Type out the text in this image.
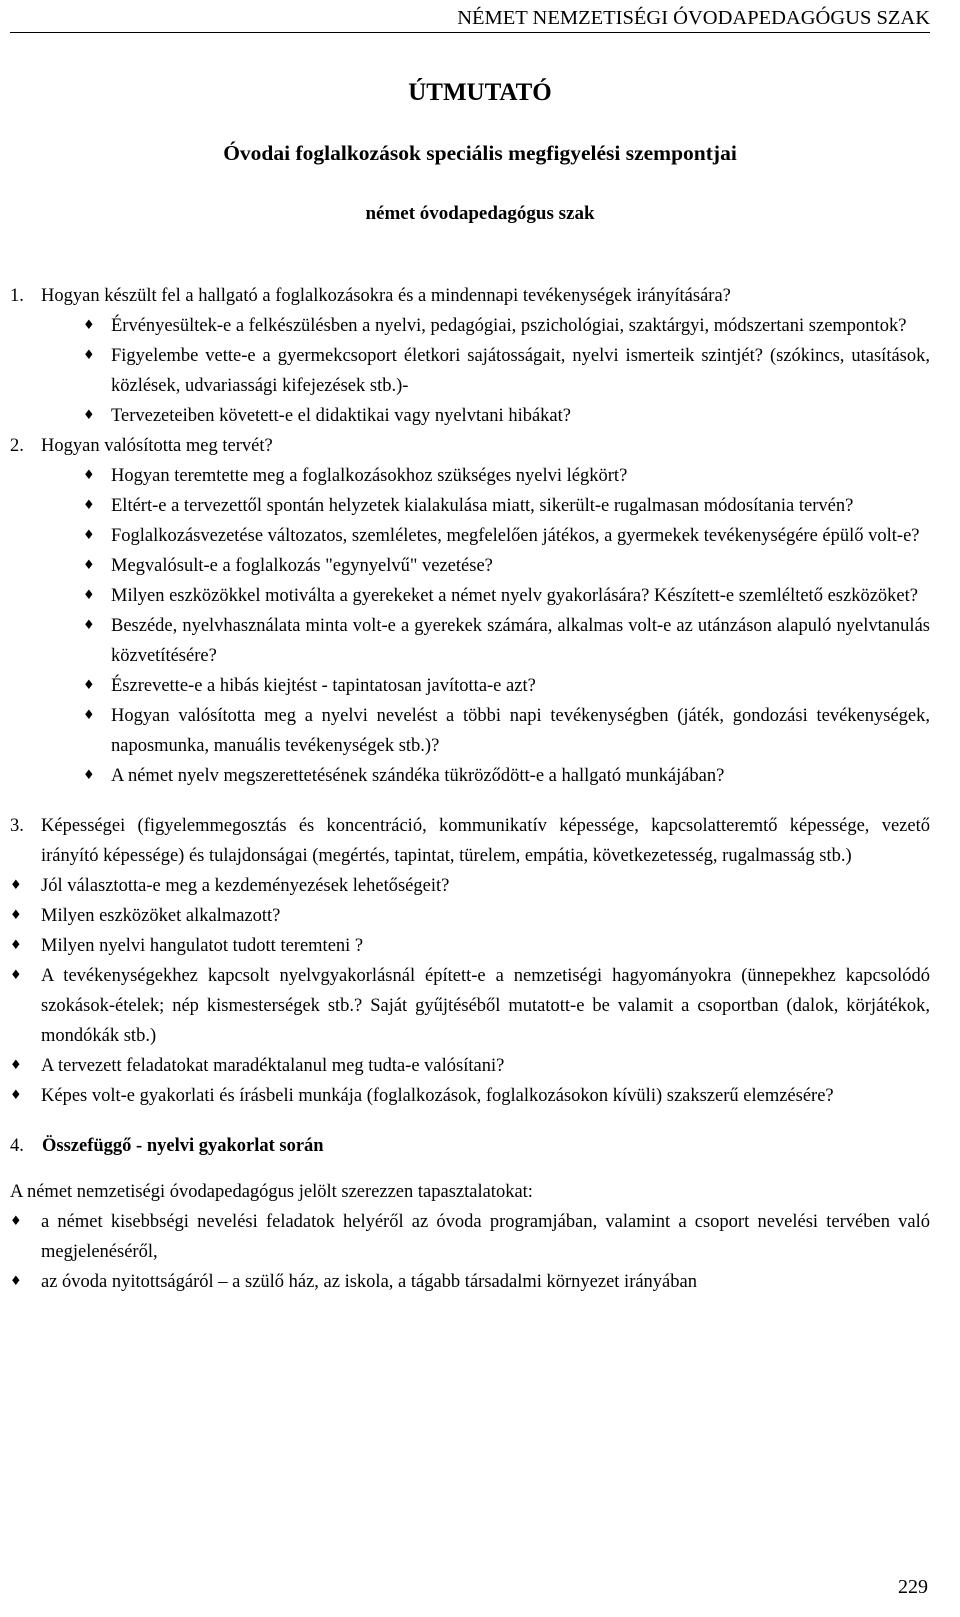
NÉMET NEMZETISÉGI ÓVODAPEDAGÓGUS SZAK
ÚTMUTATÓ
Óvodai foglalkozások speciális megfigyelési szempontjai
német óvodapedagógus szak
1. Hogyan készült fel a hallgató a foglalkozásokra és a mindennapi tevékenységek irányítására?
♦ Érvényesültek-e a felkészülésben a nyelvi, pedagógiai, pszichológiai, szaktárgyi, módszertani szempontok?
♦ Figyelembe vette-e a gyermekcsoport életkori sajátosságait, nyelvi ismerteik szintjét? (szókincs, utasítások, közlések, udvariassági kifejezések stb.)-
♦ Tervezeteiben követett-e el didaktikai vagy nyelvtani hibákat?
2. Hogyan valósította meg tervét?
♦ Hogyan teremtette meg a foglalkozásokhoz szükséges nyelvi légkört?
♦ Eltért-e a tervezettől spontán helyzetek kialakulása miatt, sikerült-e rugalmasan módosítania tervén?
♦ Foglalkozásvezetése változatos, szemléletes, megfelelően játékos, a gyermekek tevékenységére épülő volt-e?
♦ Megvalósult-e a foglalkozás "egynyelvű" vezetése?
♦ Milyen eszközökkel motiválta a gyerekeket a német nyelv gyakorlására? Készített-e szemléltető eszközöket?
♦ Beszéde, nyelvhasználata minta volt-e a gyerekek számára, alkalmas volt-e az utánzáson alapuló nyelvtanulás közvetítésére?
♦ Észrevette-e a hibás kiejtést - tapintatosan javította-e azt?
♦ Hogyan valósította meg a nyelvi nevelést a többi napi tevékenységben (játék, gondozási tevékenységek, naposmunka, manuális tevékenységek stb.)?
♦ A német nyelv megszerettetésének szándéka tükröződött-e a hallgató munkájában?
3. Képességei (figyelemmegosztás és koncentráció, kommunikatív képessége, kapcsolatteremtő képessége, vezető irányító képessége) és tulajdonságai (megértés, tapintat, türelem, empátia, következetesség, rugalmasság stb.)
♦ Jól választotta-e meg a kezdeményezések lehetőségeit?
♦ Milyen eszközöket alkalmazott?
♦ Milyen nyelvi hangulatot tudott teremteni ?
♦ A tevékenységekhez kapcsolt nyelvgyakorlásnál épített-e a nemzetiségi hagyományokra (ünnepekhez kapcsolódó szokások-ételek; nép kismesterségek stb.? Saját gyűjtéséből mutatott-e be valamit a csoportban (dalok, körjátékok, mondókák stb.)
♦ A tervezett feladatokat maradéktalanul meg tudta-e valósítani?
♦ Képes volt-e gyakorlati és írásbeli munkája (foglalkozások, foglalkozásokon kívüli) szakszerű elemzésére?
4. Összefüggő - nyelvi gyakorlat során
A német nemzetiségi óvodapedagógus jelölt szerezzen tapasztalatokat:
♦ a német kisebbségi nevelési feladatok helyéről az óvoda programjában, valamint a csoport nevelési tervében való megjelenéséről,
♦ az óvoda nyitottságáról – a szülő ház, az iskola, a tágabb társadalmi környezet irányában
229
